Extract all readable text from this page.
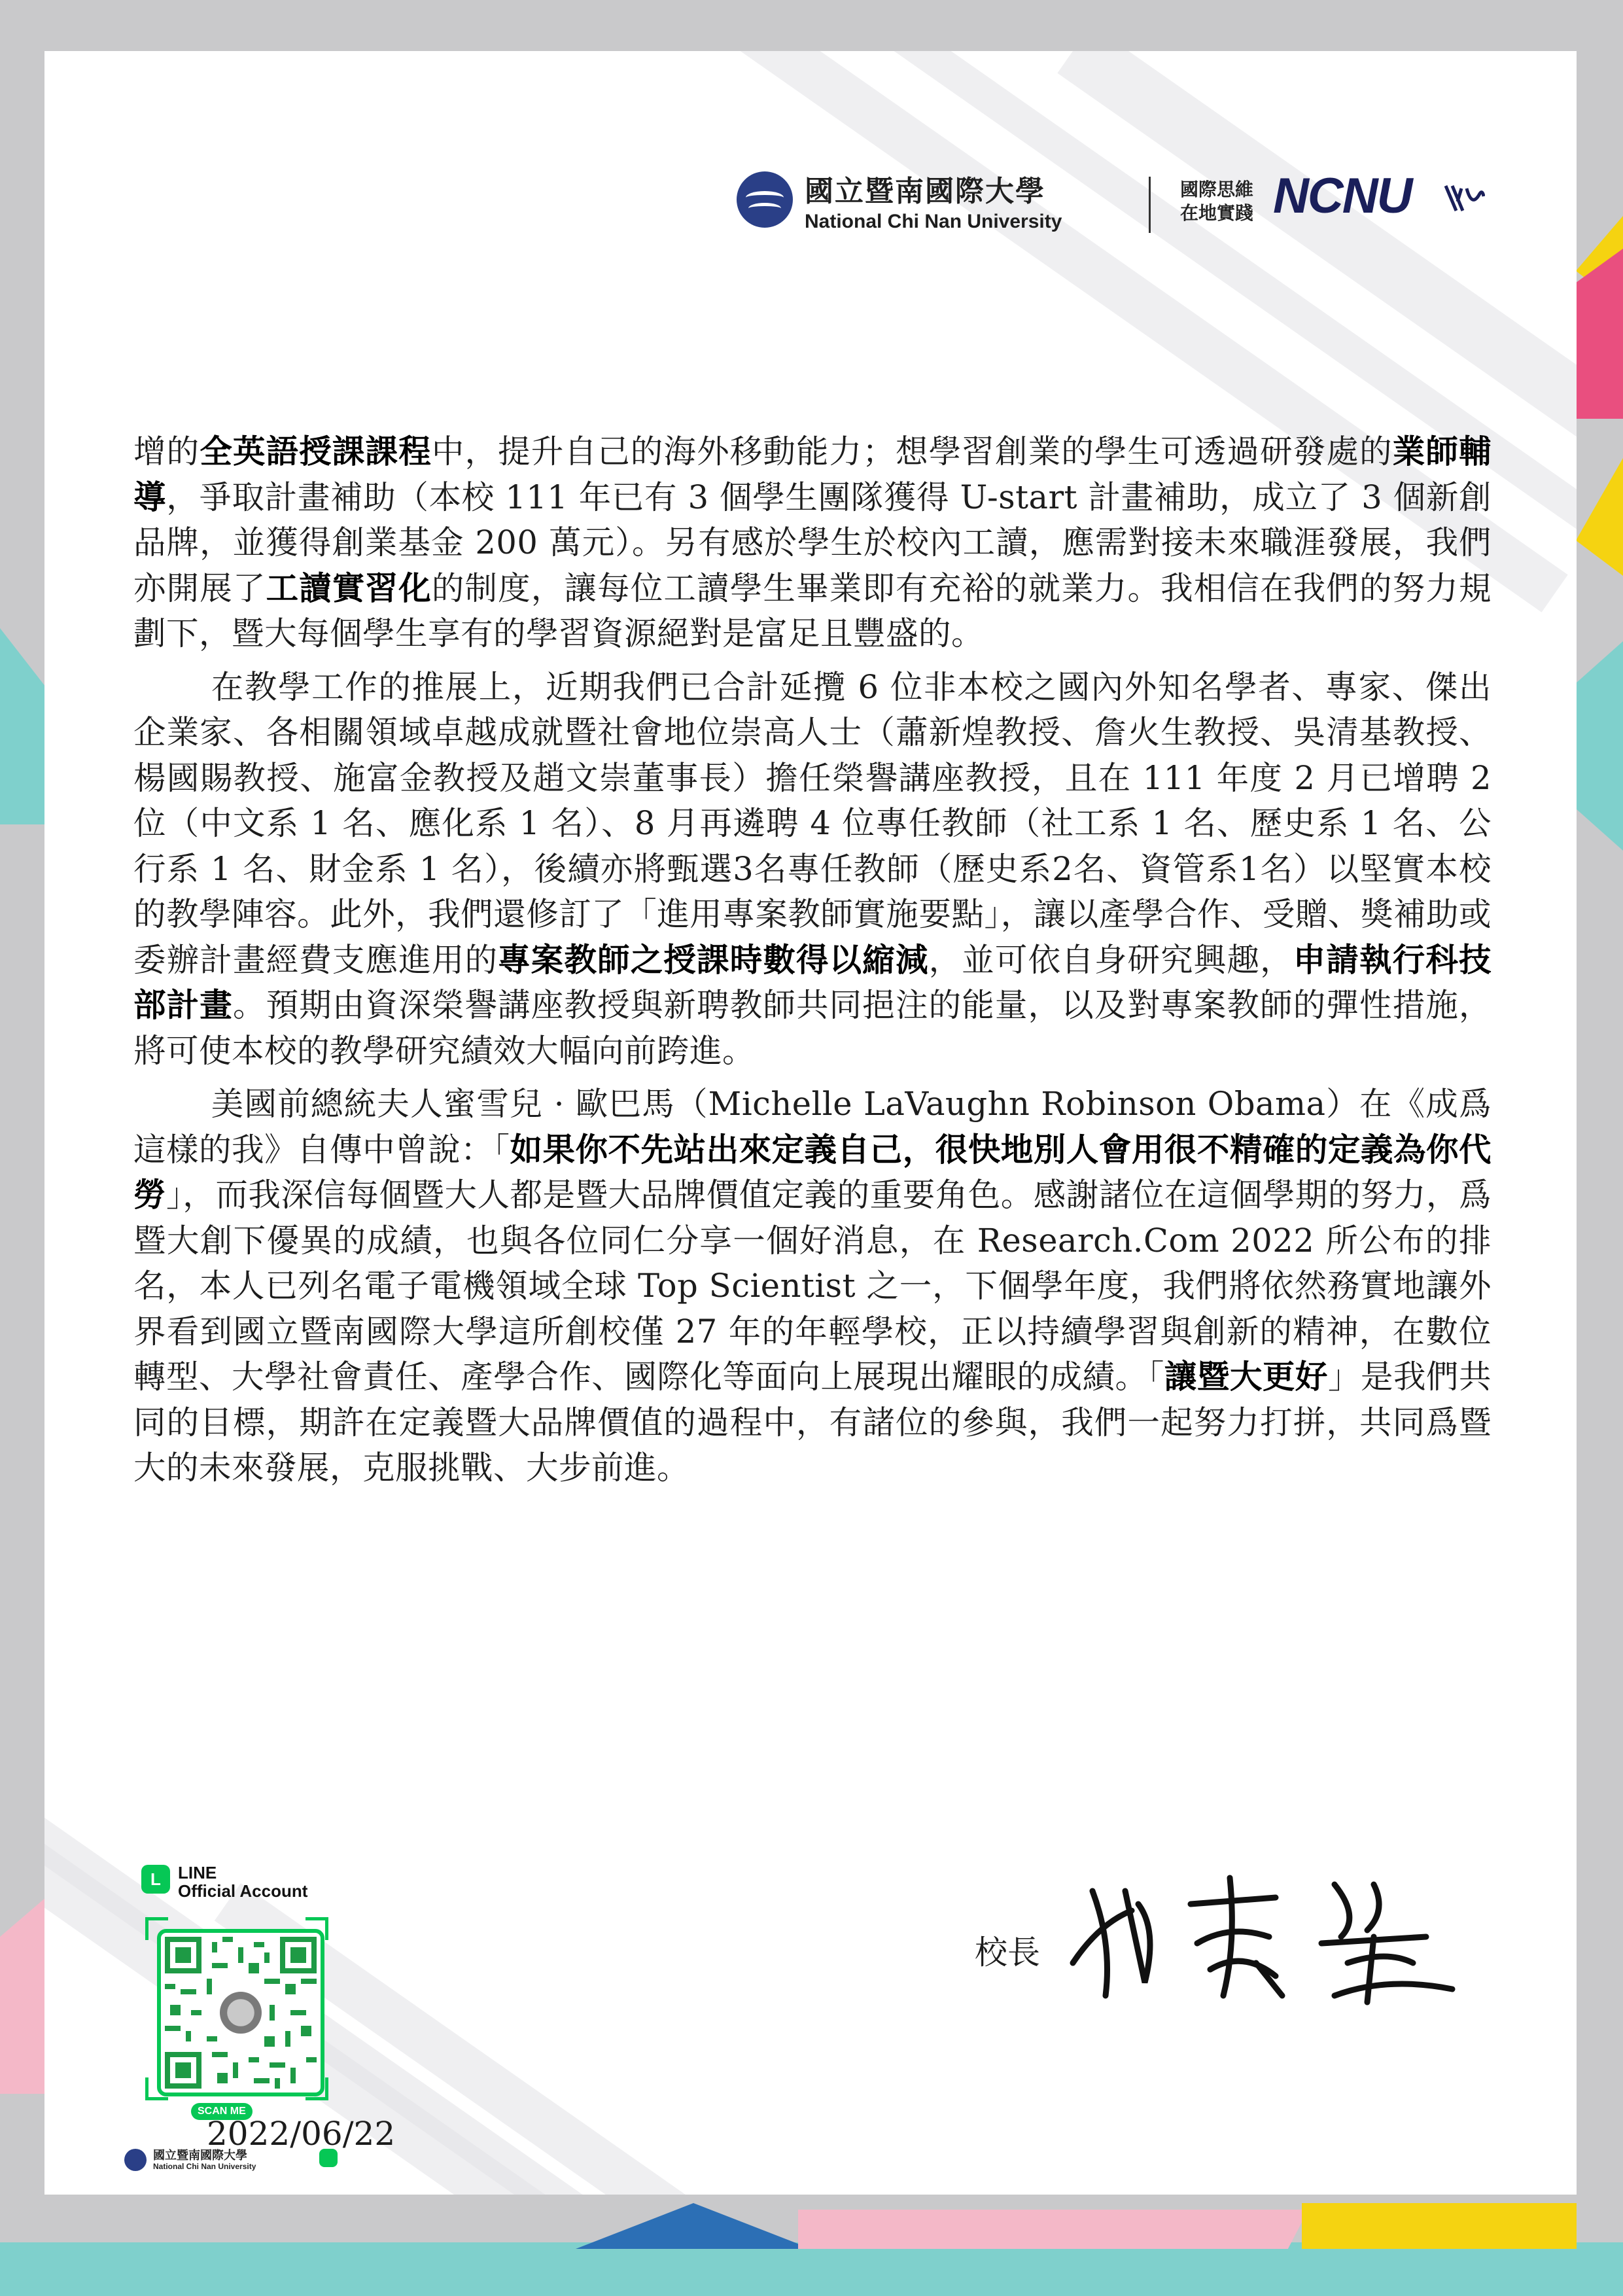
國立暨南國際大學
National Chi Nan University
國際思維
在地實踐 NCNU

增的全英語授課課程中，提升自己的海外移動能力；想學習創業的學生可透過研發處的業師輔導，爭取計畫補助（本校 111 年已有 3 個學生團隊獲得 U-start 計畫補助，成立了 3 個新創品牌，並獲得創業基金 200 萬元）。另有感於學生於校內工讀，應需對接未來職涯發展，我們亦開展了工讀實習化的制度，讓每位工讀學生畢業即有充裕的就業力。我相信在我們的努力規劃下，暨大每個學生享有的學習資源絕對是富足且豐盛的。

在教學工作的推展上，近期我們已合計延攬 6 位非本校之國內外知名學者、專家、傑出企業家、各相關領域卓越成就暨社會地位崇高人士（蕭新煌教授、詹火生教授、吳清基教授、楊國賜教授、施富金教授及趙文崇董事長）擔任榮譽講座教授，且在 111 年度 2 月已增聘 2 位（中文系 1 名、應化系 1 名）、8 月再遴聘 4 位專任教師（社工系 1 名、歷史系 1 名、公行系 1 名、財金系 1 名），後續亦將甄選3名專任教師（歷史系2名、資管系1名）以堅實本校的教學陣容。此外，我們還修訂了「進用專案教師實施要點」，讓以產學合作、受贈、獎補助或委辦計畫經費支應進用的專案教師之授課時數得以縮減，並可依自身研究興趣，申請執行科技部計畫。預期由資深榮譽講座教授與新聘教師共同挹注的能量，以及對專案教師的彈性措施，將可使本校的教學研究績效大幅向前跨進。

美國前總統夫人蜜雪兒 · 歐巴馬（Michelle LaVaughn Robinson Obama）在《成爲這樣的我》自傳中曾說：「如果你不先站出來定義自己，很快地別人會用很不精確的定義為你代勞」，而我深信每個暨大人都是暨大品牌價值定義的重要角色。感謝諸位在這個學期的努力，爲暨大創下優異的成績，也與各位同仁分享一個好消息，在 Research.Com 2022 所公布的排名，本人已列名電子電機領域全球 Top Scientist 之一，下個學年度，我們將依然務實地讓外界看到國立暨南國際大學這所創校僅 27 年的年輕學校，正以持續學習與創新的精神，在數位轉型、大學社會責任、產學合作、國際化等面向上展現出耀眼的成績。「讓暨大更好」是我們共同的目標，期許在定義暨大品牌價值的過程中，有諸位的參與，我們一起努力打拼，共同爲暨大的未來發展，克服挑戰、大步前進。

校長
L	LINE
Official Account
SCAN ME
國立暨南國際大學
National Chi Nan University
2022/06/22
